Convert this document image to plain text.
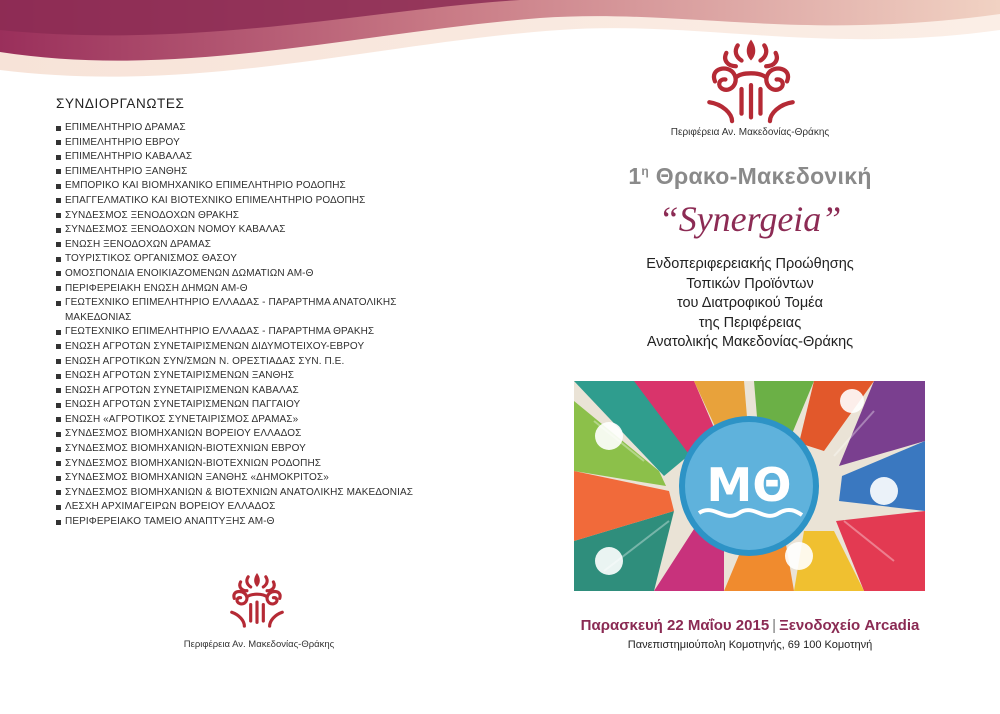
ΣΥΝΔΙΟΡΓΑΝΩΤΕΣ
ΕΠΙΜΕΛΗΤΗΡΙΟ ΔΡΑΜΑΣ
ΕΠΙΜΕΛΗΤΗΡΙΟ ΕΒΡΟΥ
ΕΠΙΜΕΛΗΤΗΡΙΟ ΚΑΒΑΛΑΣ
ΕΠΙΜΕΛΗΤΗΡΙΟ ΞΑΝΘΗΣ
ΕΜΠΟΡΙΚΟ ΚΑΙ ΒΙΟΜΗΧΑΝΙΚΟ ΕΠΙΜΕΛΗΤΗΡΙΟ ΡΟΔΟΠΗΣ
ΕΠΑΓΓΕΛΜΑΤΙΚΟ ΚΑΙ ΒΙΟΤΕΧΝΙΚΟ ΕΠΙΜΕΛΗΤΗΡΙΟ ΡΟΔΟΠΗΣ
ΣΥΝΔΕΣΜΟΣ ΞΕΝΟΔΟΧΩΝ ΘΡΑΚΗΣ
ΣΥΝΔΕΣΜΟΣ ΞΕΝΟΔΟΧΩΝ ΝΟΜΟΥ ΚΑΒΑΛΑΣ
ΕΝΩΣΗ ΞΕΝΟΔΟΧΩΝ ΔΡΑΜΑΣ
ΤΟΥΡΙΣΤΙΚΟΣ ΟΡΓΑΝΙΣΜΟΣ ΘΑΣΟΥ
ΟΜΟΣΠΟΝΔΙΑ ΕΝΟΙΚΙΑΖΟΜΕΝΩΝ ΔΩΜΑΤΙΩΝ ΑΜ-Θ
ΠΕΡΙΦΕΡΕΙΑΚΗ ΕΝΩΣΗ ΔΗΜΩΝ ΑΜ-Θ
ΓΕΩΤΕΧΝΙΚΟ ΕΠΙΜΕΛΗΤΗΡΙΟ ΕΛΛΑΔΑΣ - ΠΑΡΑΡΤΗΜΑ ΑΝΑΤΟΛΙΚΗΣ ΜΑΚΕΔΟΝΙΑΣ
ΓΕΩΤΕΧΝΙΚΟ ΕΠΙΜΕΛΗΤΗΡΙΟ ΕΛΛΑΔΑΣ - ΠΑΡΑΡΤΗΜΑ ΘΡΑΚΗΣ
ΕΝΩΣΗ ΑΓΡΟΤΩΝ ΣΥΝΕΤΑΙΡΙΣΜΕΝΩΝ ΔΙΔΥΜΟΤΕΙΧΟΥ-ΕΒΡΟΥ
ΕΝΩΣΗ ΑΓΡΟΤΙΚΩΝ ΣΥΝ/ΣΜΩΝ Ν. ΟΡΕΣΤΙΑΔΑΣ ΣΥΝ. Π.Ε.
ΕΝΩΣΗ ΑΓΡΟΤΩΝ ΣΥΝΕΤΑΙΡΙΣΜΕΝΩΝ ΞΑΝΘΗΣ
ΕΝΩΣΗ ΑΓΡΟΤΩΝ ΣΥΝΕΤΑΙΡΙΣΜΕΝΩΝ ΚΑΒΑΛΑΣ
ΕΝΩΣΗ ΑΓΡΟΤΩΝ ΣΥΝΕΤΑΙΡΙΣΜΕΝΩΝ ΠΑΓΓΑΙΟΥ
ΕΝΩΣΗ «ΑΓΡΟΤΙΚΟΣ ΣΥΝΕΤΑΙΡΙΣΜΟΣ ΔΡΑΜΑΣ»
ΣΥΝΔΕΣΜΟΣ ΒΙΟΜΗΧΑΝΙΩΝ ΒΟΡΕΙΟΥ ΕΛΛΑΔΟΣ
ΣΥΝΔΕΣΜΟΣ ΒΙΟΜΗΧΑΝΙΩΝ-ΒΙΟΤΕΧΝΙΩΝ ΕΒΡΟΥ
ΣΥΝΔΕΣΜΟΣ ΒΙΟΜΗΧΑΝΙΩΝ-ΒΙΟΤΕΧΝΙΩΝ ΡΟΔΟΠΗΣ
ΣΥΝΔΕΣΜΟΣ ΒΙΟΜΗΧΑΝΙΩΝ ΞΑΝΘΗΣ «ΔΗΜΟΚΡΙΤΟΣ»
ΣΥΝΔΕΣΜΟΣ ΒΙΟΜΗΧΑΝΙΩΝ & ΒΙΟΤΕΧΝΙΩΝ ΑΝΑΤΟΛΙΚΗΣ ΜΑΚΕΔΟΝΙΑΣ
ΛΕΣΧΗ ΑΡΧΙΜΑΓΕΙΡΩΝ ΒΟΡΕΙΟΥ ΕΛΛΑΔΟΣ
ΠΕΡΙΦΕΡΕΙΑΚΟ ΤΑΜΕΙΟ ΑΝΑΠΤΥΞΗΣ ΑΜ-Θ
Περιφέρεια Αν. Μακεδονίας-Θράκης
Περιφέρεια Αν. Μακεδονίας-Θράκης
$1^\eta$ Θρακο-Μακεδονική
“Synergeia”
Ενδοπεριφερειακής Προώθησης
Τοπικών Προϊόντων
του Διατροφικού Τομέα
της Περιφέρειας
Ανατολικής Μακεδονίας-Θράκης
ΜΘ
Παρασκευή 22 Μαΐου 2015 | Ξενοδοχείο Arcadia
Πανεπιστημιούπολη Κομοτηνής, 69 100 Κομοτηνή
